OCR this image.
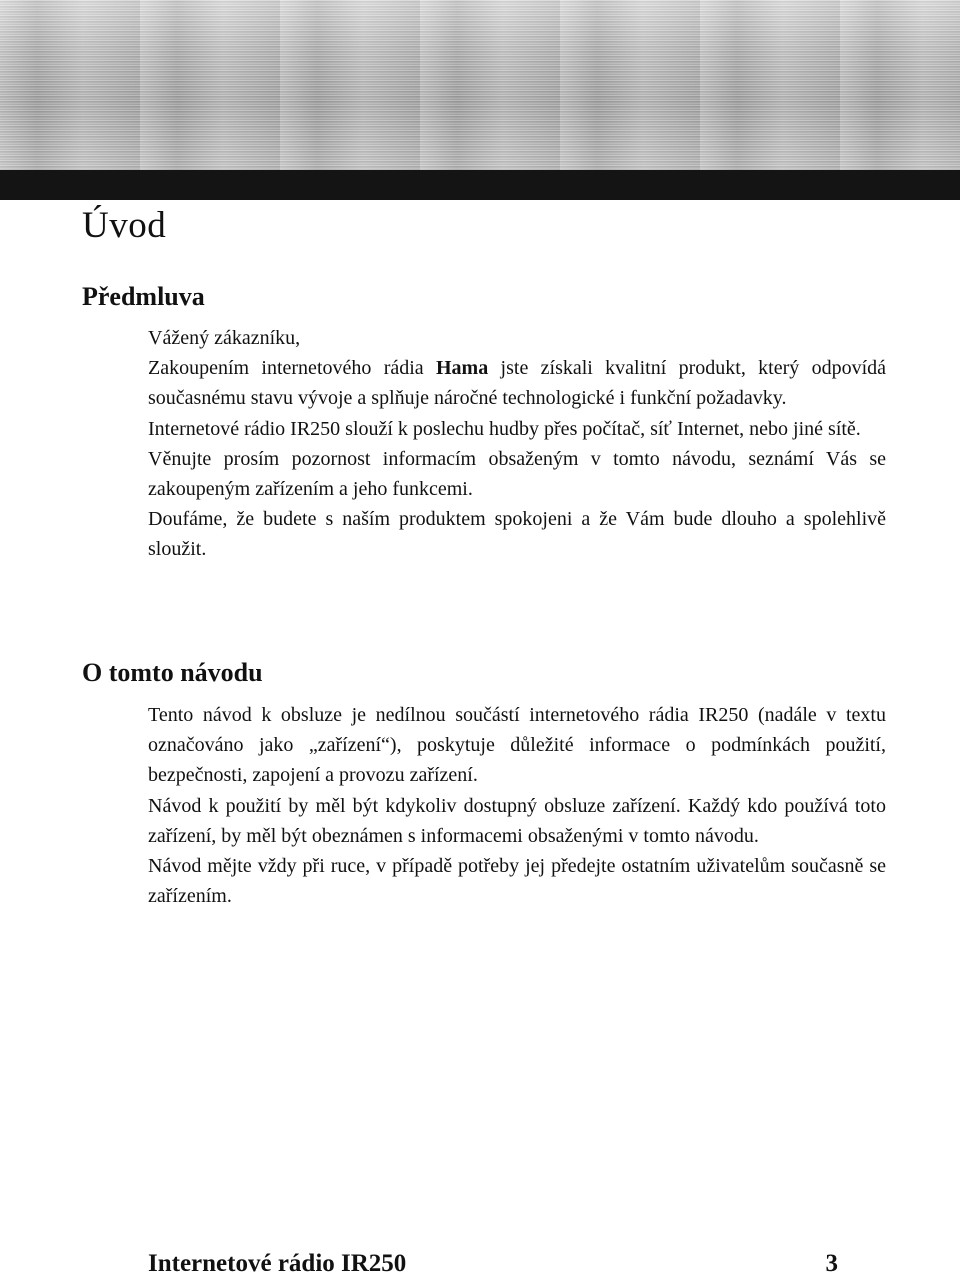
Úvod
Předmluva

Vážený zákazníku,

Zakoupením internetového rádia Hama jste získali kvalitní produkt, který odpovídá současnému stavu vývoje a splňuje náročné technologické i funkční požadavky.

Internetové rádio IR250 slouží k poslechu hudby přes počítač, síť Internet, nebo jiné sítě.

Věnujte prosím pozornost informacím obsaženým v tomto návodu, seznámí Vás se zakoupeným zařízením a jeho funkcemi.

Doufáme, že budete s naším produktem spokojeni a že Vám bude dlouho a spolehlivě sloužit.

O tomto návodu

Tento návod k obsluze je nedílnou součástí internetového rádia IR250 (nadále v textu označováno jako „zařízení“), poskytuje důležité informace o podmínkách použití, bezpečnosti, zapojení a provozu zařízení.

Návod k použití by měl být kdykoliv dostupný obsluze zařízení. Každý kdo používá toto zařízení, by měl být obeznámen s informacemi obsaženými v tomto návodu.

Návod mějte vždy při ruce, v případě potřeby jej předejte ostatním uživatelům současně se zařízením.

Internetové rádio IR250	3
